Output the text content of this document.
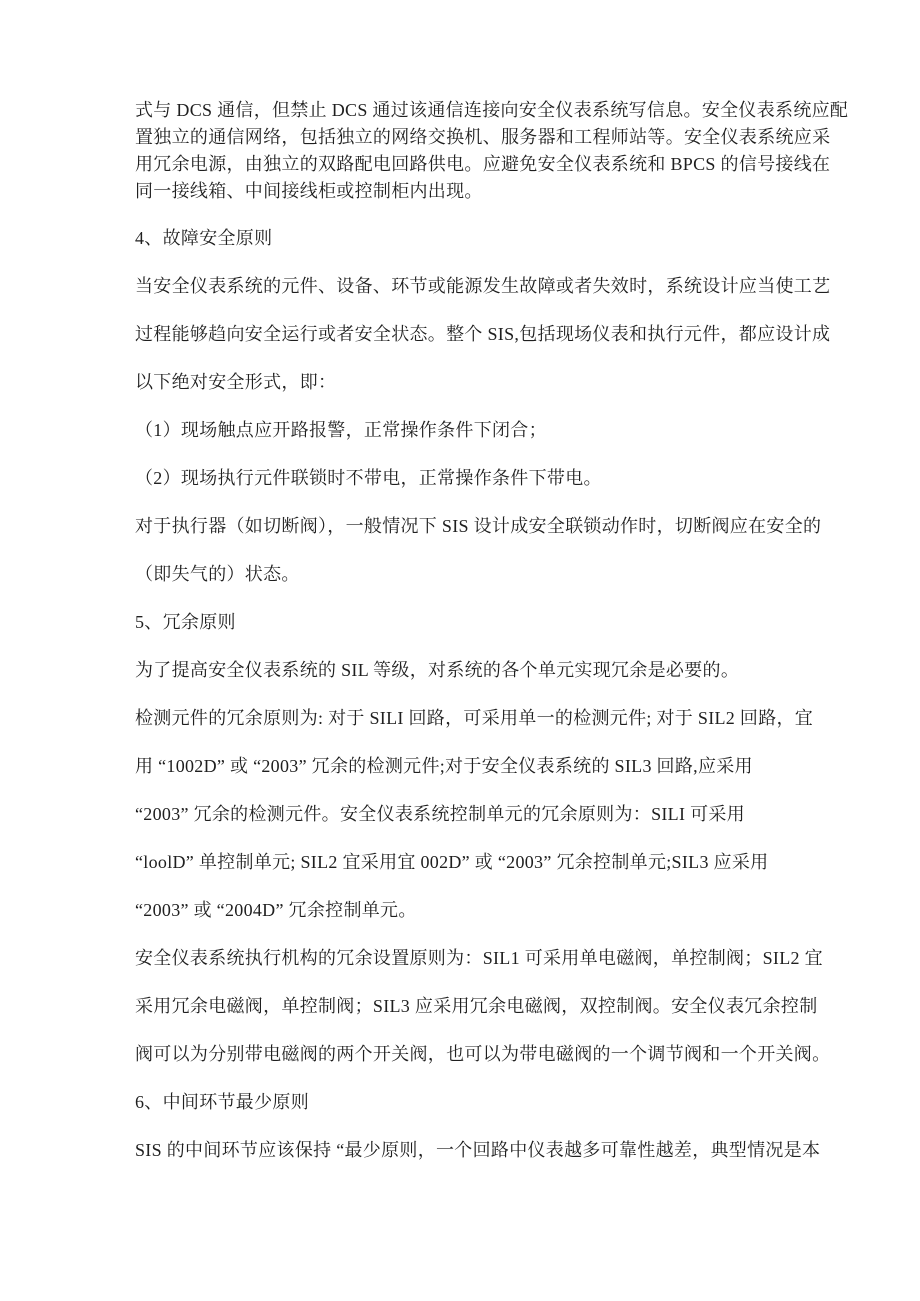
式与 DCS 通信，但禁止 DCS 通过该通信连接向安全仪表系统写信息。安全仪表系统应配
置独立的通信网络，包括独立的网络交换机、服务器和工程师站等。安全仪表系统应采
用冗余电源，由独立的双路配电回路供电。应避免安全仪表系统和 BPCS 的信号接线在
同一接线箱、中间接线柜或控制柜内出现。
4、故障安全原则
当安全仪表系统的元件、设备、环节或能源发生故障或者失效时，系统设计应当使工艺
过程能够趋向安全运行或者安全状态。整个 SIS,包括现场仪表和执行元件，都应设计成
以下绝对安全形式，即：
（1）现场触点应开路报警，正常操作条件下闭合；
（2）现场执行元件联锁时不带电，正常操作条件下带电。
对于执行器（如切断阀），一般情况下 SIS 设计成安全联锁动作时，切断阀应在安全的
（即失气的）状态。
5、冗余原则
为了提高安全仪表系统的 SIL 等级，对系统的各个单元实现冗余是必要的。
检测元件的冗余原则为: 对于 SILI 回路，可采用单一的检测元件; 对于 SIL2 回路，宜
用 “1002D” 或 “2003” 冗余的检测元件;对于安全仪表系统的 SIL3 回路,应采用
“2003” 冗余的检测元件。安全仪表系统控制单元的冗余原则为：SILI 可采用
“loolD” 单控制单元; SIL2 宜采用宜 002D” 或 “2003” 冗余控制单元;SIL3 应采用
“2003” 或 “2004D” 冗余控制单元。
安全仪表系统执行机构的冗余设置原则为：SIL1 可采用单电磁阀，单控制阀；SIL2 宜
采用冗余电磁阀，单控制阀；SIL3 应采用冗余电磁阀，双控制阀。安全仪表冗余控制
阀可以为分别带电磁阀的两个开关阀，也可以为带电磁阀的一个调节阀和一个开关阀。
6、中间环节最少原则
SIS 的中间环节应该保持 “最少原则，一个回路中仪表越多可靠性越差，典型情况是本
